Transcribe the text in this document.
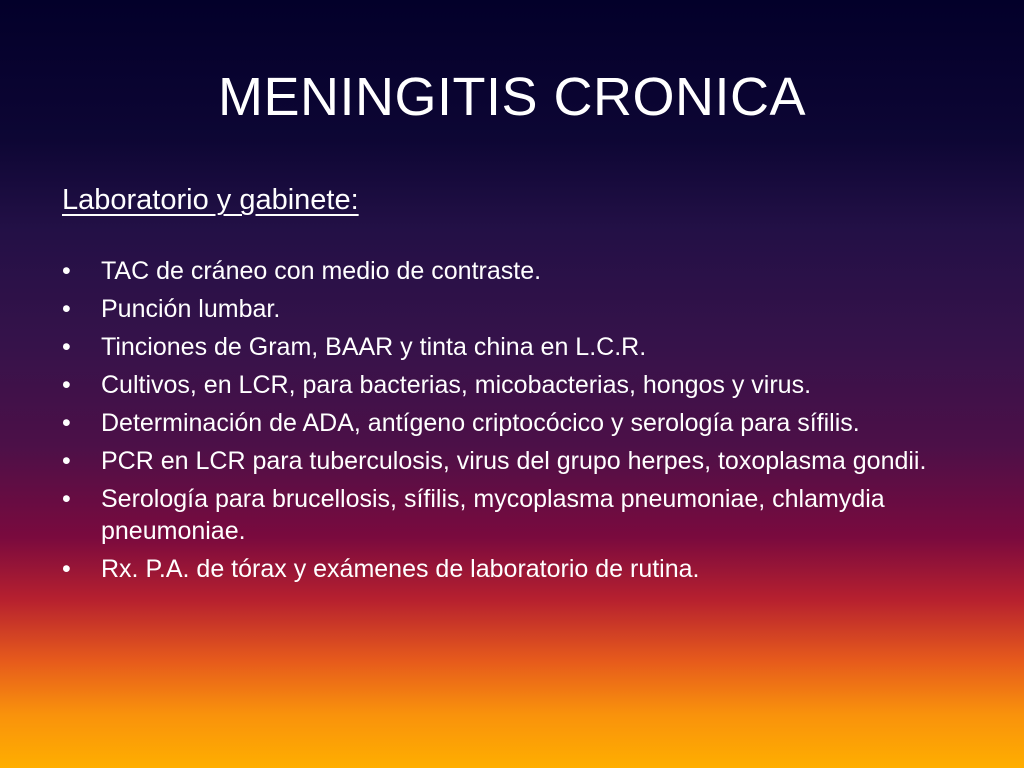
MENINGITIS CRONICA
Laboratorio y gabinete:
•	TAC de cráneo con medio de contraste.
•	Punción lumbar.
•	Tinciones de Gram, BAAR y tinta china en L.C.R.
•	Cultivos, en LCR, para bacterias, micobacterias, hongos y virus.
•	Determinación de ADA, antígeno criptocócico y serología para sífilis.
•	PCR en LCR para tuberculosis, virus del grupo herpes, toxoplasma gondii.
•	Serología para brucellosis, sífilis, mycoplasma pneumoniae, chlamydia pneumoniae.
•	Rx. P.A. de tórax y exámenes de laboratorio de rutina.
